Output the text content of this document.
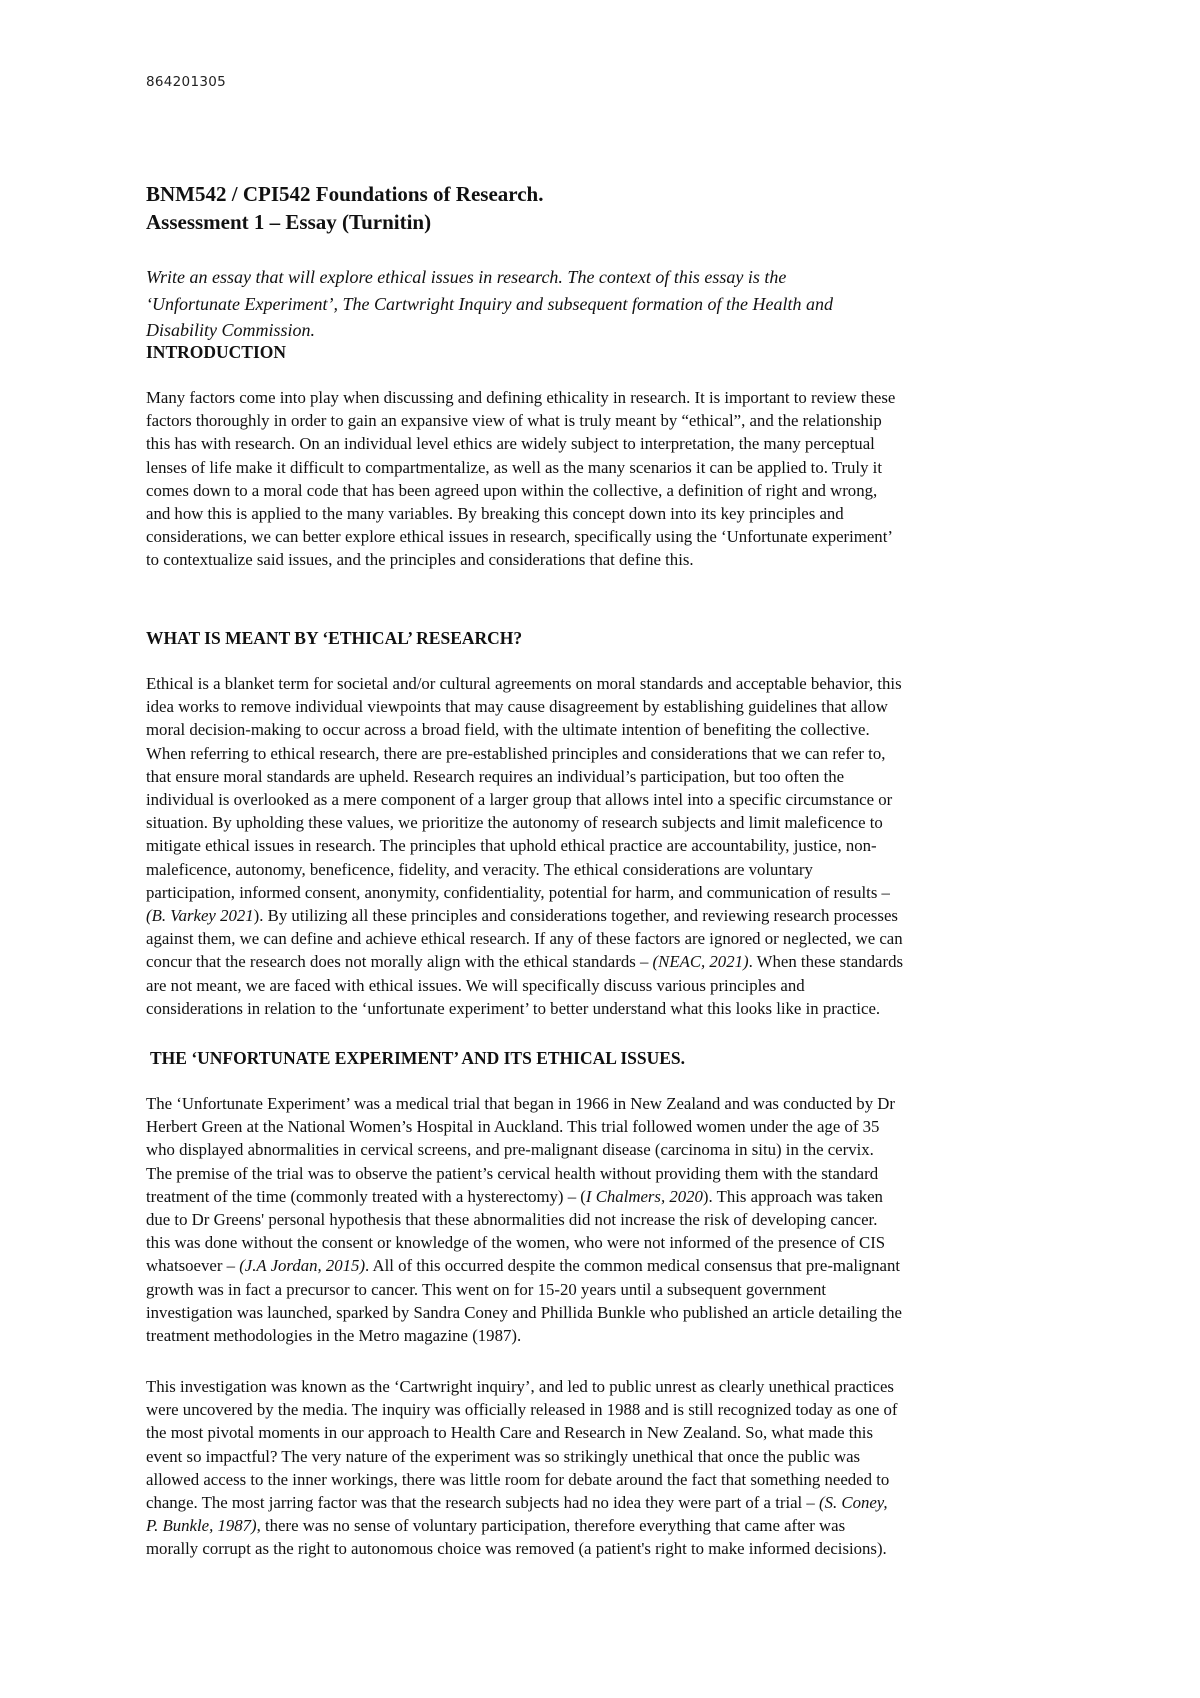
864201305
BNM542 / CPI542 Foundations of Research.
Assessment 1 – Essay (Turnitin)
Write an essay that will explore ethical issues in research. The context of this essay is the
‘Unfortunate Experiment’, The Cartwright Inquiry and subsequent formation of the Health and
Disability Commission.
INTRODUCTION
Many factors come into play when discussing and defining ethicality in research. It is important to review these
factors thoroughly in order to gain an expansive view of what is truly meant by “ethical”, and the relationship
this has with research. On an individual level ethics are widely subject to interpretation, the many perceptual
lenses of life make it difficult to compartmentalize, as well as the many scenarios it can be applied to. Truly it
comes down to a moral code that has been agreed upon within the collective, a definition of right and wrong,
and how this is applied to the many variables. By breaking this concept down into its key principles and
considerations, we can better explore ethical issues in research, specifically using the ‘Unfortunate experiment’
to contextualize said issues, and the principles and considerations that define this.
WHAT IS MEANT BY ‘ETHICAL’ RESEARCH?
Ethical is a blanket term for societal and/or cultural agreements on moral standards and acceptable behavior, this
idea works to remove individual viewpoints that may cause disagreement by establishing guidelines that allow
moral decision-making to occur across a broad field, with the ultimate intention of benefiting the collective.
When referring to ethical research, there are pre-established principles and considerations that we can refer to,
that ensure moral standards are upheld. Research requires an individual’s participation, but too often the
individual is overlooked as a mere component of a larger group that allows intel into a specific circumstance or
situation. By upholding these values, we prioritize the autonomy of research subjects and limit maleficence to
mitigate ethical issues in research. The principles that uphold ethical practice are accountability, justice, non-
maleficence, autonomy, beneficence, fidelity, and veracity. The ethical considerations are voluntary
participation, informed consent, anonymity, confidentiality, potential for harm, and communication of results –
(B. Varkey 2021). By utilizing all these principles and considerations together, and reviewing research processes
against them, we can define and achieve ethical research. If any of these factors are ignored or neglected, we can
concur that the research does not morally align with the ethical standards – (NEAC, 2021). When these standards
are not meant, we are faced with ethical issues. We will specifically discuss various principles and
considerations in relation to the ‘unfortunate experiment’ to better understand what this looks like in practice.
THE ‘UNFORTUNATE EXPERIMENT’ AND ITS ETHICAL ISSUES.
The ‘Unfortunate Experiment’ was a medical trial that began in 1966 in New Zealand and was conducted by Dr
Herbert Green at the National Women’s Hospital in Auckland. This trial followed women under the age of 35
who displayed abnormalities in cervical screens, and pre-malignant disease (carcinoma in situ) in the cervix.
The premise of the trial was to observe the patient’s cervical health without providing them with the standard
treatment of the time (commonly treated with a hysterectomy) – (I Chalmers, 2020). This approach was taken
due to Dr Greens' personal hypothesis that these abnormalities did not increase the risk of developing cancer.
this was done without the consent or knowledge of the women, who were not informed of the presence of CIS
whatsoever – (J.A Jordan, 2015). All of this occurred despite the common medical consensus that pre-malignant
growth was in fact a precursor to cancer. This went on for 15-20 years until a subsequent government
investigation was launched, sparked by Sandra Coney and Phillida Bunkle who published an article detailing the
treatment methodologies in the Metro magazine (1987).
This investigation was known as the ‘Cartwright inquiry’, and led to public unrest as clearly unethical practices
were uncovered by the media. The inquiry was officially released in 1988 and is still recognized today as one of
the most pivotal moments in our approach to Health Care and Research in New Zealand. So, what made this
event so impactful? The very nature of the experiment was so strikingly unethical that once the public was
allowed access to the inner workings, there was little room for debate around the fact that something needed to
change. The most jarring factor was that the research subjects had no idea they were part of a trial – (S. Coney,
P. Bunkle, 1987), there was no sense of voluntary participation, therefore everything that came after was
morally corrupt as the right to autonomous choice was removed (a patient's right to make informed decisions).
